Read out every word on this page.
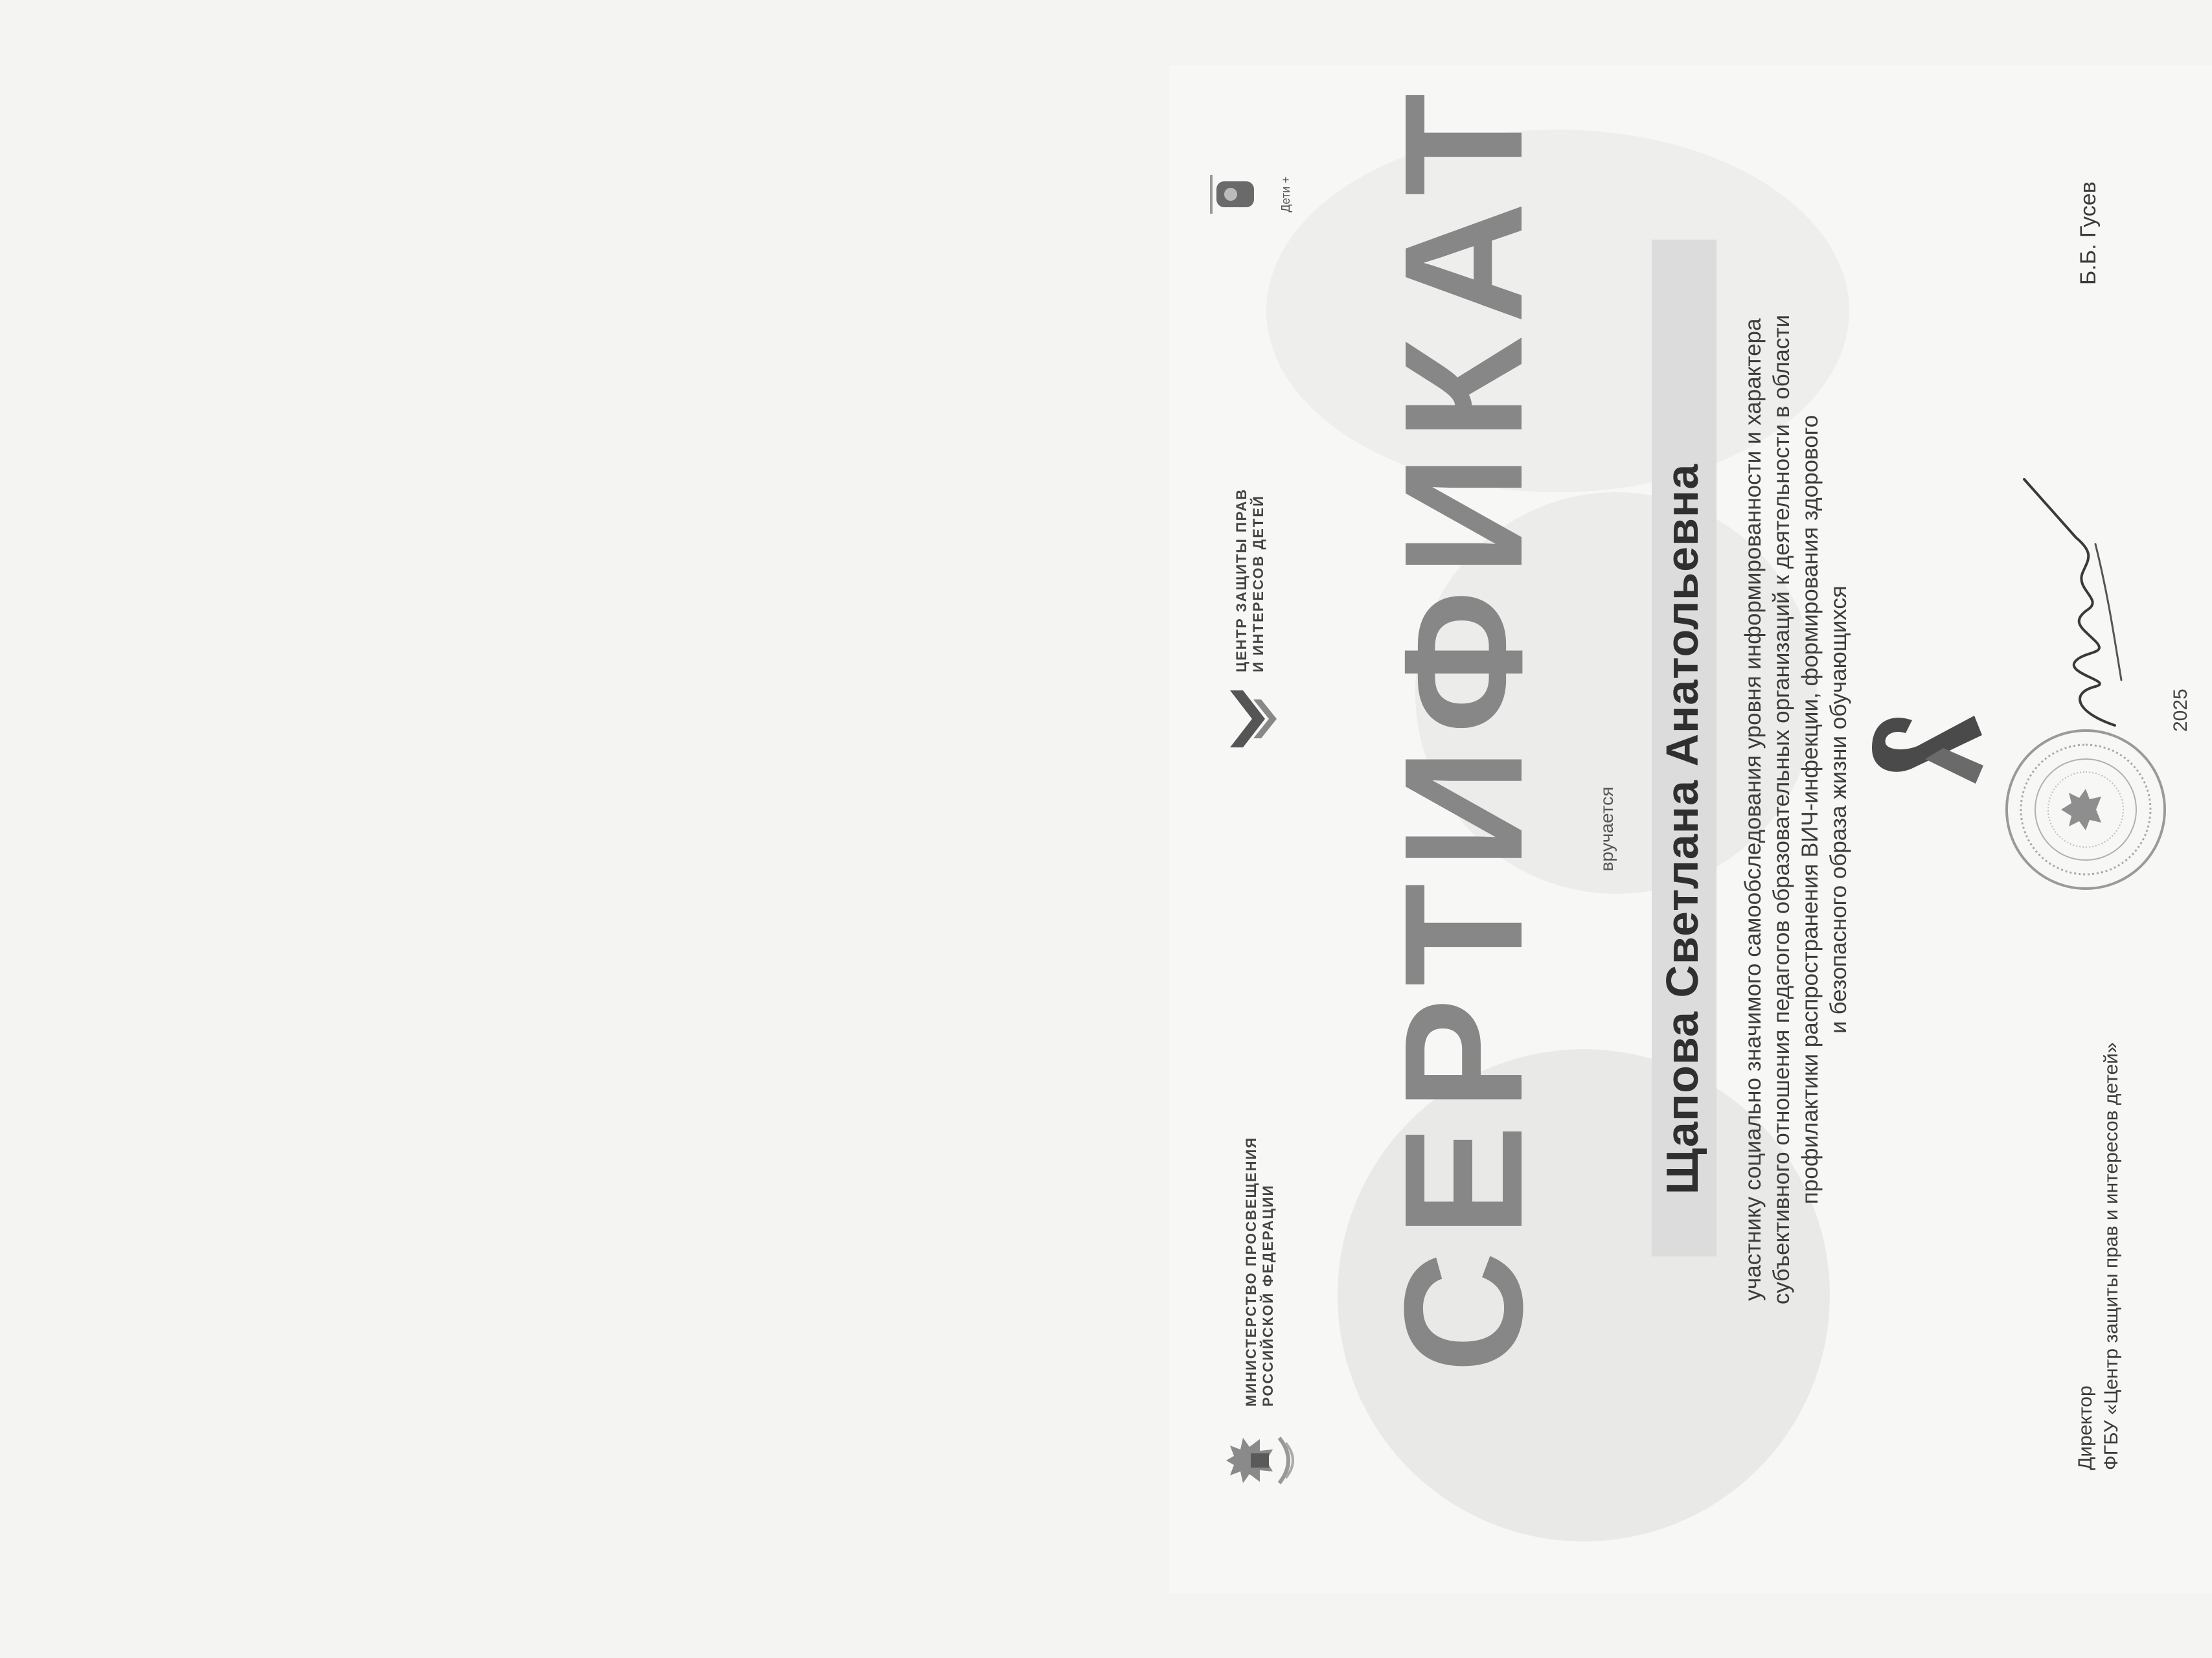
МИНИСТЕРСТВО ПРОСВЕЩЕНИЯ
РОССИЙСКОЙ ФЕДЕРАЦИИ
ЦЕНТР ЗАЩИТЫ ПРАВ
И ИНТЕРЕСОВ ДЕТЕЙ
Дети + СЕРТИФИКАТ вручается Щапова Светлана Анатольевна участнику социально значимого самообследования уровня информированности и характера субъективного отношения педагогов образовательных организаций к деятельности в области профилактики распространения ВИЧ-инфекции, формирования здорового и безопасного образа жизни обучающихся
Директор ФГБУ «Центр защиты прав и интересов детей»
2025
Б.Б. Гусев
